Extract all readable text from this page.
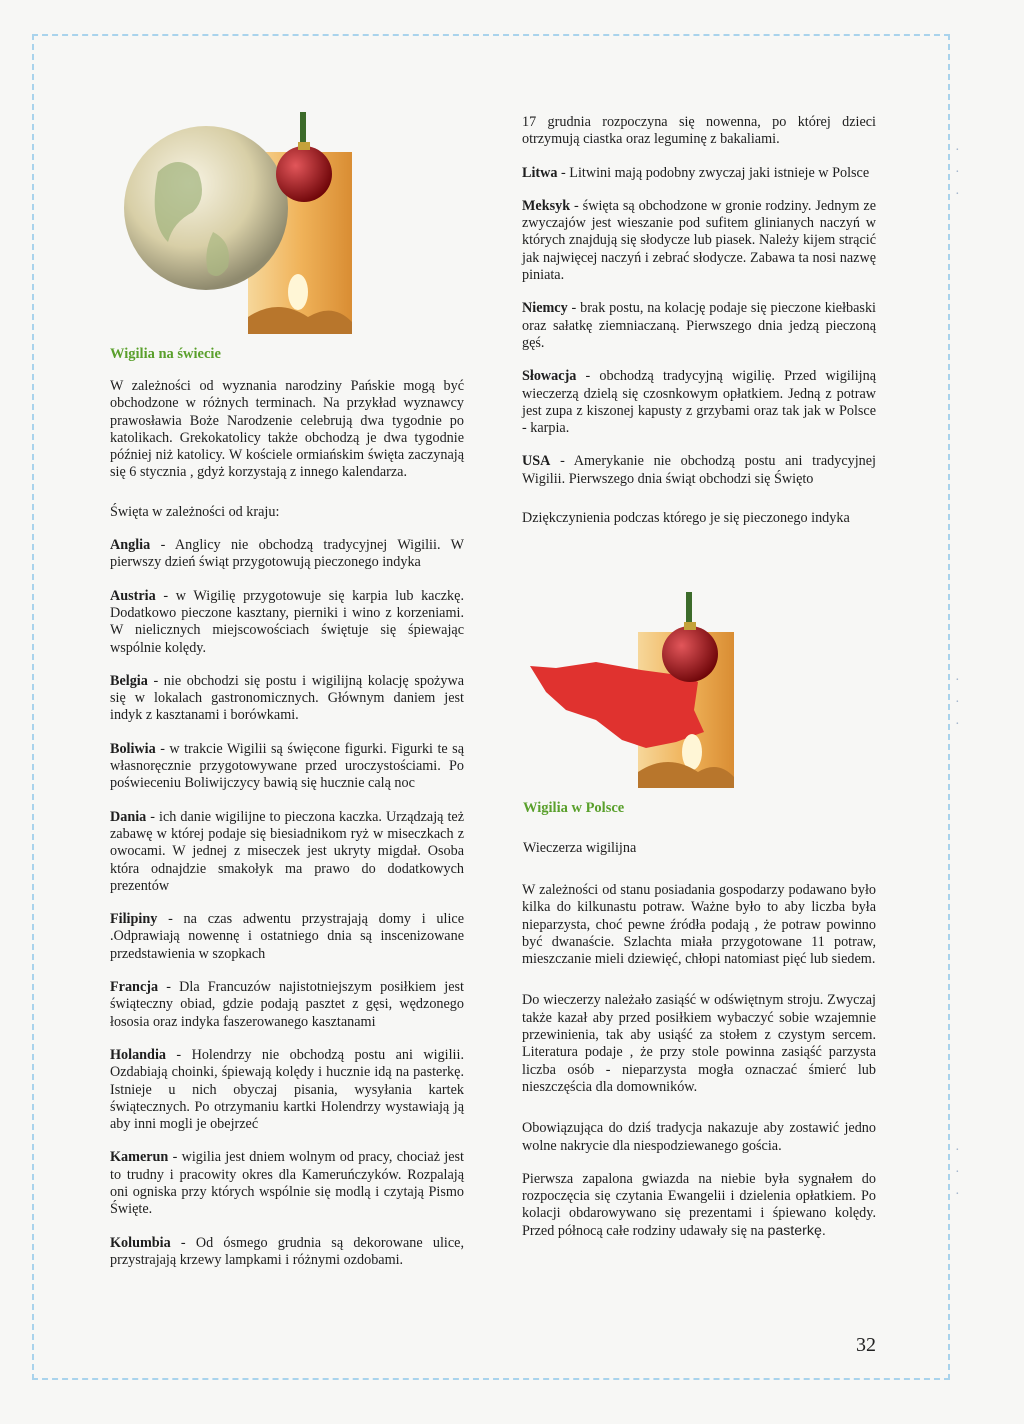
Wigilia na świecie

W zależności od wyznania narodziny Pańskie mogą być obchodzone w różnych terminach. Na przykład wyznawcy prawosławia Boże Narodzenie celebrują dwa tygodnie po katolikach. Grekokatolicy także obchodzą je dwa tygodnie później niż katolicy. W kościele ormiańskim święta zaczynają się 6 stycznia , gdyż korzystają z innego kalendarza.

Święta w zależności od kraju:

Anglia - Anglicy nie obchodzą tradycyjnej Wigilii. W pierwszy dzień świąt przygotowują pieczonego indyka

Austria - w Wigilię przygotowuje się karpia lub kaczkę. Dodatkowo pieczone kasztany, pierniki i wino z korzeniami. W nielicznych miejscowościach świętuje się śpiewając wspólnie kolędy.

Belgia - nie obchodzi się postu i wigilijną kolację spożywa się w lokalach gastronomicznych. Głównym daniem jest indyk z kasztanami i borówkami.

Boliwia - w trakcie Wigilii są święcone figurki. Figurki te są własnoręcznie przygotowywane przed uroczystościami. Po poświeceniu Boliwijczycy bawią się hucznie calą noc

Dania - ich danie wigilijne to pieczona kaczka. Urządzają też zabawę w której podaje się biesiadnikom ryż w miseczkach z owocami. W jednej z miseczek jest ukryty migdał. Osoba która odnajdzie smakołyk ma prawo do dodatkowych prezentów

Filipiny - na czas adwentu przystrajają domy i ulice .Odprawiają nowennę i ostatniego dnia są inscenizowane przedstawienia w szopkach

Francja - Dla Francuzów najistotniejszym posiłkiem jest świąteczny obiad, gdzie podają pasztet z gęsi, wędzonego łososia oraz indyka faszerowanego kasztanami

Holandia - Holendrzy nie obchodzą postu ani wigilii. Ozdabiają choinki, śpiewają kolędy i hucznie idą na pasterkę. Istnieje u nich obyczaj pisania, wysyłania kartek świątecznych. Po otrzymaniu kartki Holendrzy wystawiają ją aby inni mogli je obejrzeć

Kamerun - wigilia jest dniem wolnym od pracy, chociaż jest to trudny i pracowity okres dla Kameruńczyków. Rozpalają oni ogniska przy których wspólnie się modlą i czytają Pismo Święte.

Kolumbia - Od ósmego grudnia są dekorowane ulice, przystrajają krzewy lampkami i różnymi ozdobami.

17 grudnia rozpoczyna się nowenna, po której dzieci otrzymują ciastka oraz leguminę z bakaliami.

Litwa - Litwini mają podobny zwyczaj jaki istnieje w Polsce

Meksyk - święta są obchodzone w gronie rodziny. Jednym ze zwyczajów jest wieszanie pod sufitem glinianych naczyń w których znajdują się słodycze lub piasek. Należy kijem strącić jak najwięcej naczyń i zebrać słodycze. Zabawa ta nosi nazwę piniata.

Niemcy - brak postu, na kolację podaje się pieczone kiełbaski oraz sałatkę ziemniaczaną. Pierwszego dnia jedzą pieczoną gęś.

Słowacja - obchodzą tradycyjną wigilię. Przed wigilijną wieczerzą dzielą się czosnkowym opłatkiem. Jedną z potraw jest zupa z kiszonej kapusty z grzybami oraz tak jak w Polsce - karpia.

USA - Amerykanie nie obchodzą postu ani tradycyjnej Wigilii. Pierwszego dnia świąt obchodzi się Święto

Dziękczynienia podczas którego je się pieczonego indyka

Wigilia w Polsce
Wieczerza wigilijna

W zależności od stanu posiadania gospodarzy podawano było kilka do kilkunastu potraw. Ważne było to aby liczba była nieparzysta, choć pewne źródła podają , że potraw powinno być dwanaście. Szlachta miała przygotowane 11 potraw, mieszczanie mieli dziewięć, chłopi natomiast pięć lub siedem.

Do wieczerzy należało zasiąść w odświętnym stroju. Zwyczaj także kazał aby przed posiłkiem wybaczyć sobie wzajemnie przewinienia, tak aby usiąść za stołem z czystym sercem. Literatura podaje , że przy stole powinna zasiąść parzysta liczba osób - nieparzysta mogła oznaczać śmierć lub nieszczęścia dla domowników.

Obowiązująca do dziś tradycja nakazuje aby zostawić jedno wolne nakrycie dla niespodziewanego gościa.

Pierwsza zapalona gwiazda na niebie była sygnałem do rozpoczęcia się czytania Ewangelii i dzielenia opłatkiem. Po kolacji obdarowywano się prezentami i śpiewano kolędy. Przed północą całe rodziny udawały się na pasterkę.

·
·
·
·
·
·
·
·
·
32
